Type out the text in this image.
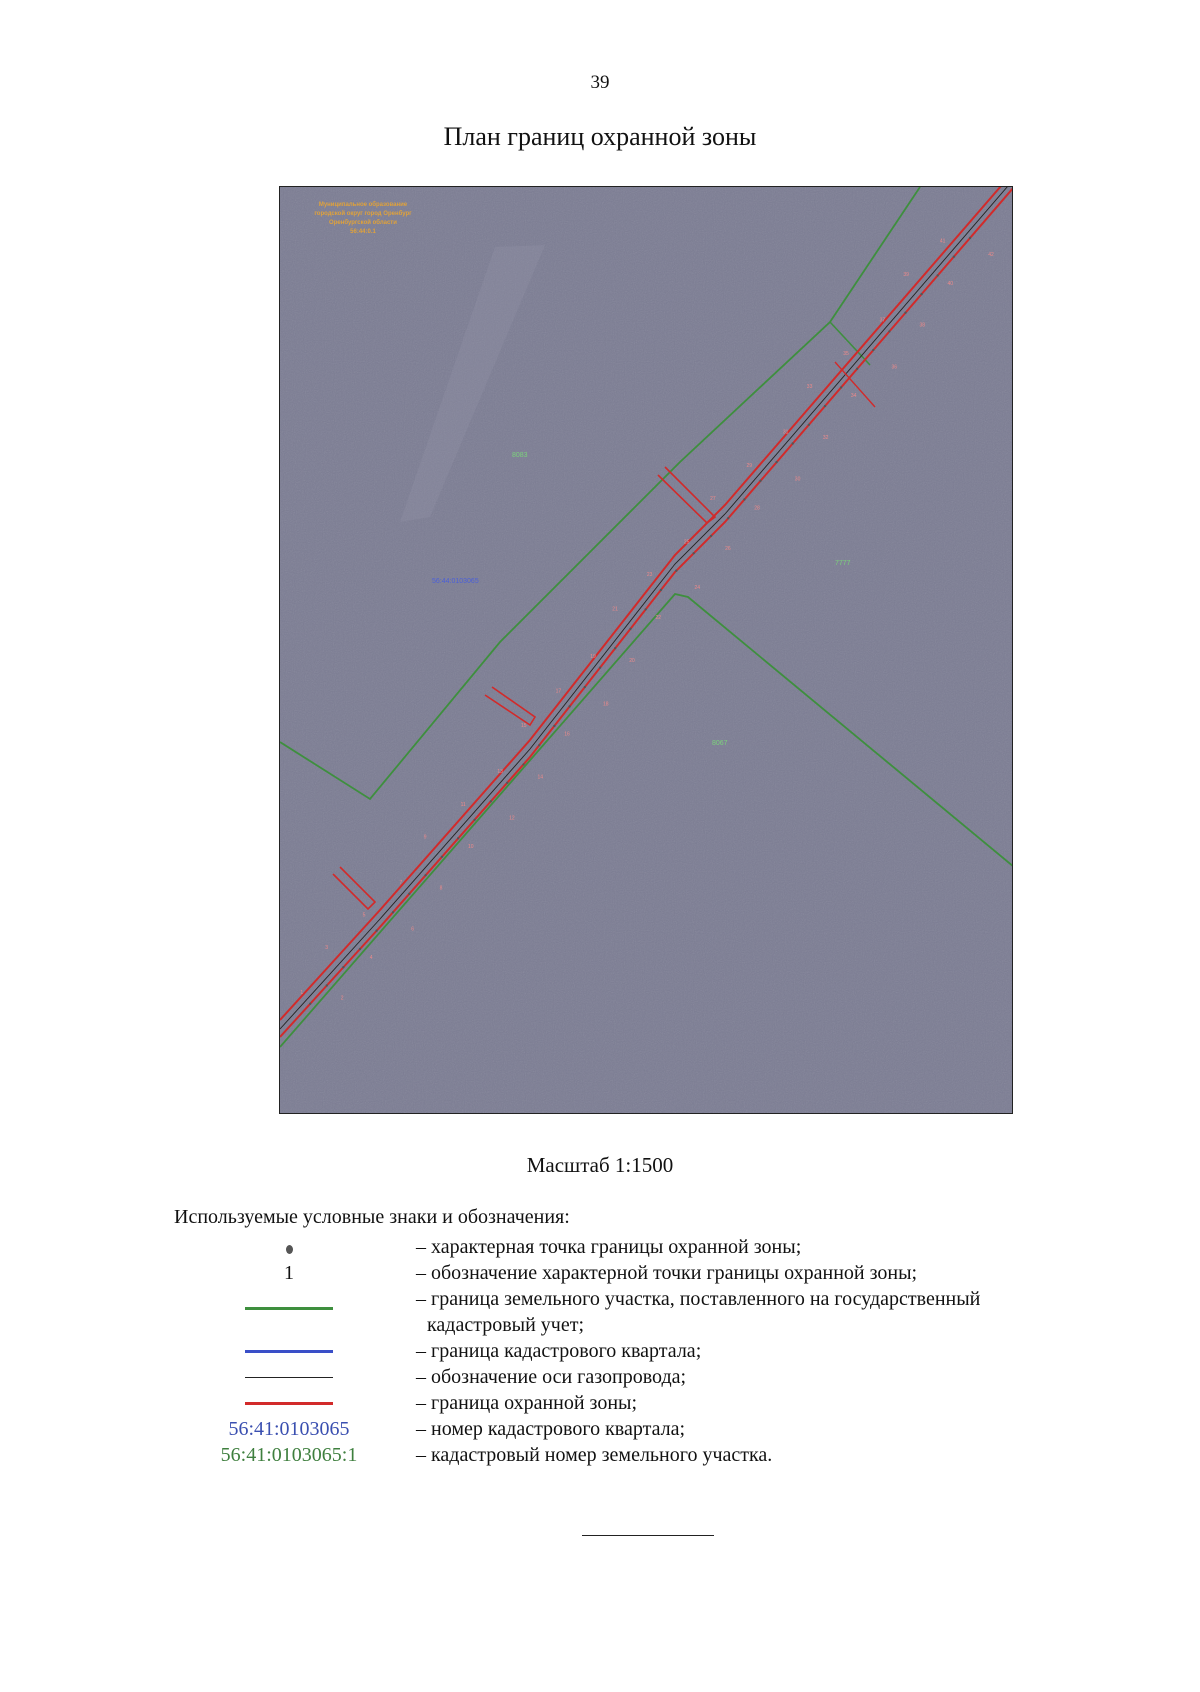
39
План границ охранной зоны
1
2
3
4
5
6
7
8
9
10
11
12
13
14
15
16
17
18
19
20
21
22
23
24
25
26
27
28
29
30
31
32
33
34
35
36
37
38
39
40
41
42
8083
7777
8067
56:44:0103065
Муниципальное образование
городской округ город Оренбург
Оренбургской области
56:44:0.1
Масштаб 1:1500
Используемые условные знаки и обозначения:
– характерная точка границы охранной зоны;
1	– обозначение характерной точки границы охранной зоны;
– граница земельного участка, поставленного на государственный
кадастровый учет;
– граница кадастрового квартала;
– обозначение оси газопровода;
– граница охранной зоны;
56:41:0103065	– номер кадастрового квартала;
56:41:0103065:1	– кадастровый номер земельного участка.
